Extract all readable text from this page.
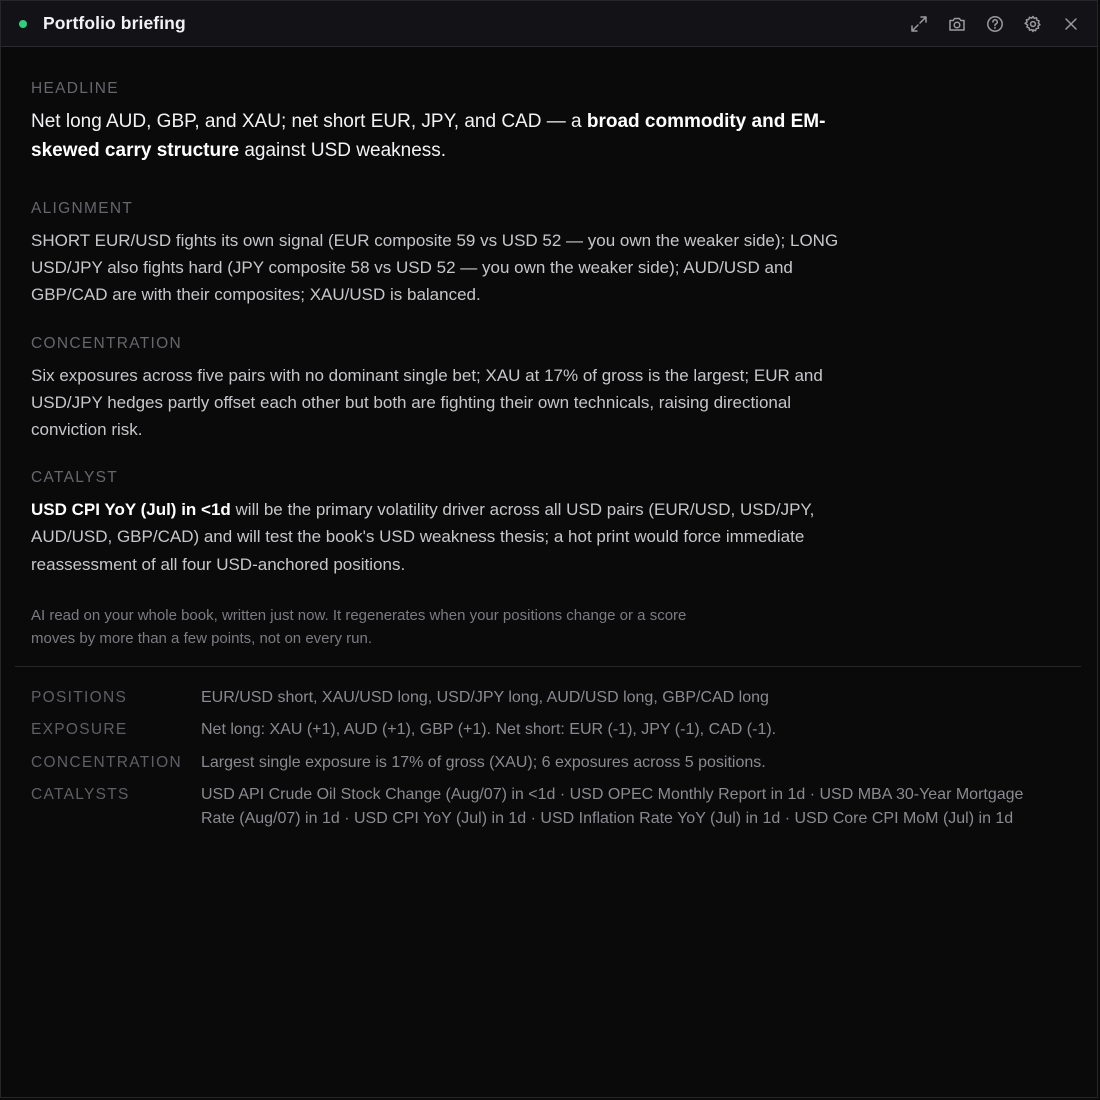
Portfolio briefing
HEADLINE
Net long AUD, GBP, and XAU; net short EUR, JPY, and CAD — a broad commodity and EM-skewed carry structure against USD weakness.
ALIGNMENT
SHORT EUR/USD fights its own signal (EUR composite 59 vs USD 52 — you own the weaker side); LONG USD/JPY also fights hard (JPY composite 58 vs USD 52 — you own the weaker side); AUD/USD and GBP/CAD are with their composites; XAU/USD is balanced.
CONCENTRATION
Six exposures across five pairs with no dominant single bet; XAU at 17% of gross is the largest; EUR and USD/JPY hedges partly offset each other but both are fighting their own technicals, raising directional conviction risk.
CATALYST
USD CPI YoY (Jul) in <1d will be the primary volatility driver across all USD pairs (EUR/USD, USD/JPY, AUD/USD, GBP/CAD) and will test the book's USD weakness thesis; a hot print would force immediate reassessment of all four USD-anchored positions.
AI read on your whole book, written just now. It regenerates when your positions change or a score moves by more than a few points, not on every run.
POSITIONS	EUR/USD short, XAU/USD long, USD/JPY long, AUD/USD long, GBP/CAD long
EXPOSURE	Net long: XAU (+1), AUD (+1), GBP (+1). Net short: EUR (-1), JPY (-1), CAD (-1).
CONCENTRATION	Largest single exposure is 17% of gross (XAU); 6 exposures across 5 positions.
CATALYSTS	USD API Crude Oil Stock Change (Aug/07) in <1d · USD OPEC Monthly Report in 1d · USD MBA 30-Year Mortgage Rate (Aug/07) in 1d · USD CPI YoY (Jul) in 1d · USD Inflation Rate YoY (Jul) in 1d · USD Core CPI MoM (Jul) in 1d
